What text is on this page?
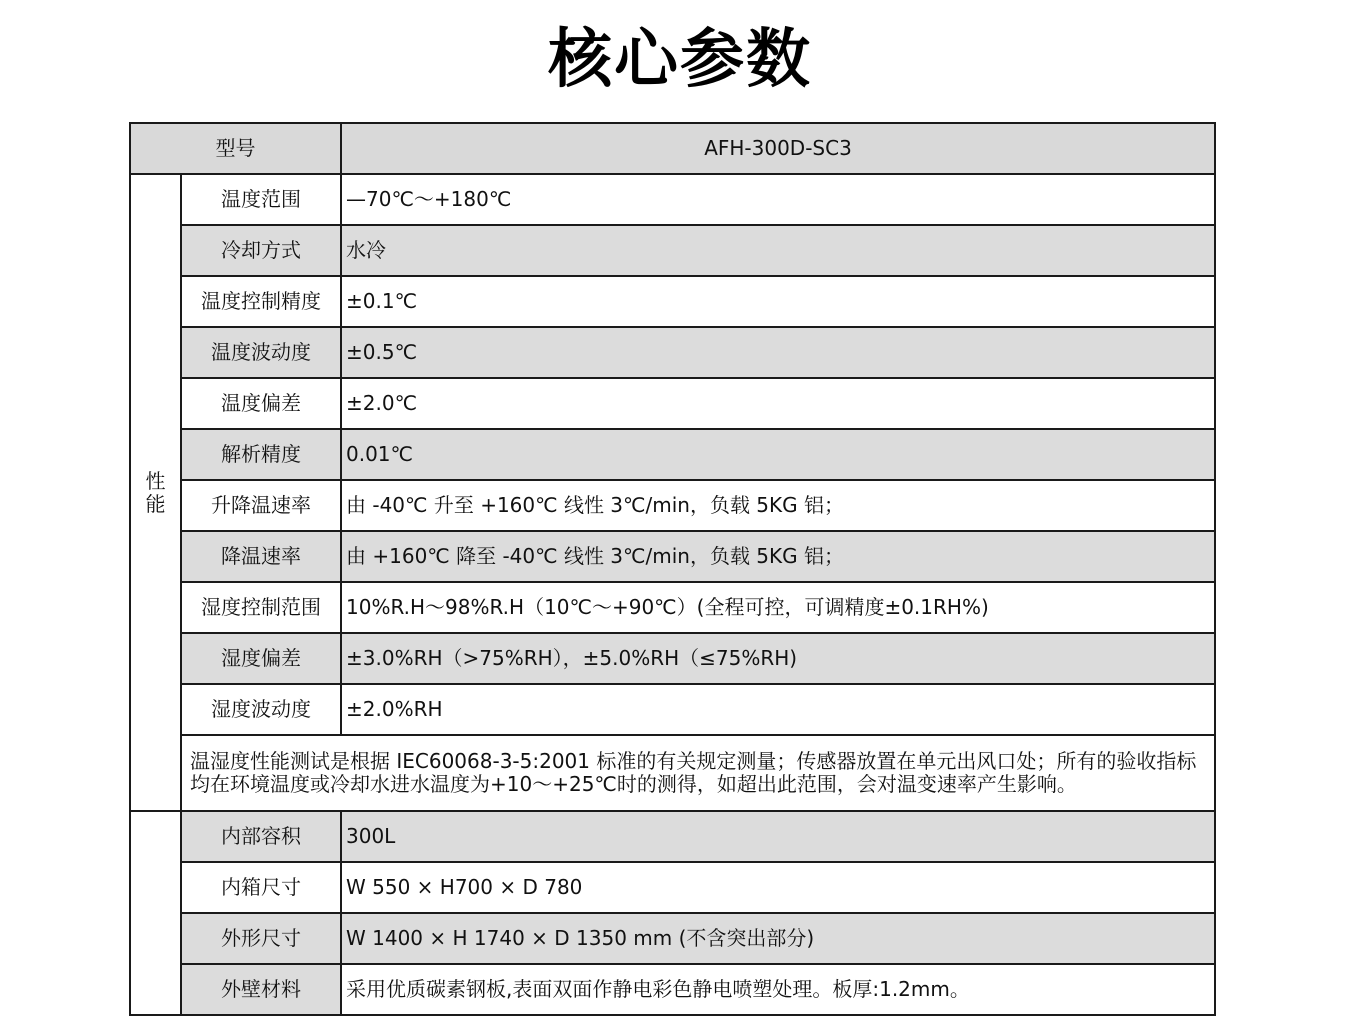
核心参数
型号		AFH-300D-SC3
性能	温度范围	—70℃～+180℃
	冷却方式	水冷
	温度控制精度	±0.1℃
	温度波动度	±0.5℃
	温度偏差	±2.0℃
	解析精度	0.01℃
	升降温速率	由 -40℃ 升至 +160℃ 线性 3℃/min，负载 5KG 铝；
	降温速率	由 +160℃ 降至 -40℃ 线性 3℃/min，负载 5KG 铝；
	湿度控制范围	10%R.H～98%R.H（10℃～+90℃）(全程可控，可调精度±0.1RH%)
	湿度偏差	±3.0%RH（>75%RH），±5.0%RH（≤75%RH)
	湿度波动度	±2.0%RH
	温湿度性能测试是根据 IEC60068-3-5:2001 标准的有关规定测量；传感器放置在单元出风口处；所有的验收指标均在环境温度或冷却水进水温度为+10～+25℃时的测得，如超出此范围，会对温变速率产生影响。	
	内部容积	300L
	内箱尺寸	W 550 × H700 × D 780
	外形尺寸	W 1400 × H 1740 × D 1350 mm (不含突出部分)
	外壁材料	采用优质碳素钢板,表面双面作静电彩色静电喷塑处理。板厚:1.2mm。
